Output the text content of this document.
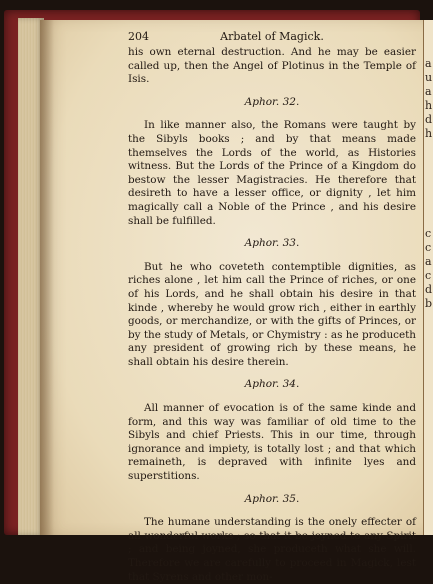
a
u
a
h
d
h
c
c
a
c
d
b
204	Arbatel of Magick.

his own eternal destruction. And he may be easier called up, then the Angel of Plotinus in the Temple of Isis.

Aphor. 32.

In like manner also, the Romans were taught by the Sibyls books ; and by that means made themselves the Lords of the world, as Histories witness. But the Lords of the Prince of a Kingdom do bestow the lesser Magistracies. He therefore that desireth to have a lesser office, or dignity , let him magically call a Noble of the Prince , and his desire shall be fulfilled.

Aphor. 33.

But he who coveteth contemptible dignities, as riches alone , let him call the Prince of riches, or one of his Lords, and he shall obtain his desire in that kinde , whereby he would grow rich , either in earthly goods, or merchandize, or with the gifts of Princes, or by the study of Metals, or Chymistry : as he produceth any president of growing rich by these means, he shall obtain his desire therein.

Aphor. 34.

All manner of evocation is of the same kinde and form, and this way was familiar of old time to the Sibyls and chief Priests. This in our time, through ignorance and impiety, is totally lost ; and that which remaineth, is depraved with infinite lyes and superstitions.

Aphor. 35.

The humane understanding is the onely effecter of all wonderful works ; so that it be joyned to any Spirit ; and being joyned, she produceth what she will. Therefore we are carefully to proceed in Magick, lest that Syrens and other mon-
